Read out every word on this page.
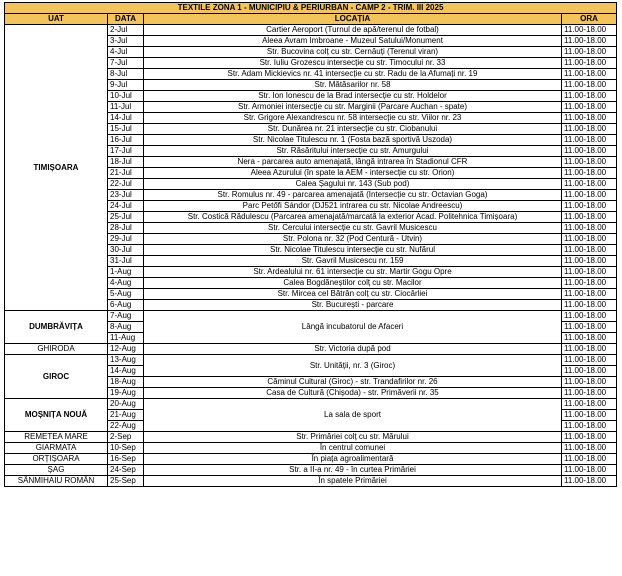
TEXTILE ZONA 1 - MUNICIPIU & PERIURBAN - CAMP 2 - TRIM. III 2025			
UAT	DATA	LOCAȚIA	ORA
TIMIȘOARA	2-Jul	Cartier Aeroport (Turnul de apă/terenul de fotbal)	11.00-18.00
	3-Jul	Aleea Avram Imbroane - Muzeul Satului/Monument	11.00-18.00
	4-Jul	Str. Bucovina colț cu str. Cernăuți (Terenul viran)	11.00-18.00
	7-Jul	Str. Iuliu Grozescu intersecție cu str. Timocului nr. 33	11.00-18.00
	8-Jul	Str. Adam Mickievics nr. 41 intersecție cu str. Radu de la Afumați nr. 19	11.00-18.00
	9-Jul	Str. Mătăsarilor nr. 58	11.00-18.00
	10-Jul	Str. Ion Ionescu de la Brad intersecție cu str. Holdelor	11.00-18.00
	11-Jul	Str. Armoniei intersecție cu str. Marginii (Parcare Auchan - spate)	11.00-18.00
	14-Jul	Str. Grigore Alexandrescu nr. 58 intersecție cu str. Viilor nr. 23	11.00-18.00
	15-Jul	Str. Dunărea nr. 21 intersecție cu str. Ciobanului	11.00-18.00
	16-Jul	Str. Nicolae Titulescu nr. 1 (Fosta bază sportivă Uszoda)	11.00-18.00
	17-Jul	Str. Răsăritului intersecție cu str. Amurgului	11.00-18.00
	18-Jul	Nera - parcarea auto amenajată, lângă intrarea în Stadionul CFR	11.00-18.00
	21-Jul	Aleea Azurului (în spate la AEM - intersecție cu str. Orion)	11.00-18.00
	22-Jul	Calea Șagului nr. 143 (Sub pod)	11.00-18.00
	23-Jul	Str. Romulus nr. 49 - parcarea amenajată (Intersecție cu str. Octavian Goga)	11.00-18.00
	24-Jul	Parc Petőfi Sándor (DJ521 intrarea cu str. Nicolae Andreescu)	11.00-18.00
	25-Jul	Str. Costică Rădulescu (Parcarea amenajată/marcată la exterior Acad. Politehnica Timișoara)	11.00-18.00
	28-Jul	Str. Cercului intersecție cu str. Gavril Musicescu	11.00-18.00
	29-Jul	Str. Polona nr. 32 (Pod Centură - Utvin)	11.00-18.00
	30-Jul	Str. Nicolae Titulescu intersecție cu str. Nufărul	11.00-18.00
	31-Jul	Str. Gavril Musicescu nr. 159	11.00-18.00
	1-Aug	Str. Ardealului nr. 61 intersecție cu str. Martir Gogu Opre	11.00-18.00
	4-Aug	Calea Bogdăneștilor colț cu str. Macilor	11.00-18.00
	5-Aug	Str. Mircea cel Bătrân colț cu str. Ciocârliei	11.00-18.00
	6-Aug	Str. București - parcare	11.00-18.00
DUMBRĂVIȚA	7-Aug	Lângă incubatorul de Afaceri	11.00-18.00
	8-Aug		11.00-18.00
	11-Aug		11.00-18.00
GHIRODA	12-Aug	Str. Victoria după pod	11.00-18.00
GIROC	13-Aug	Str. Unității, nr. 3 (Giroc)	11.00-18.00
	14-Aug		11.00-18.00
	18-Aug	Căminul Cultural (Giroc) - str. Trandafirilor nr. 26	11.00-18.00
	19-Aug	Casa de Cultură (Chișoda) - str. Primăverii nr. 35	11.00-18.00
MOȘNIȚA NOUĂ	20-Aug	La sala de sport	11.00-18.00
	21-Aug		11.00-18.00
	22-Aug		11.00-18.00
REMETEA MARE	2-Sep	Str. Primăriei colț cu str. Mărului	11.00-18.00
GIARMATA	10-Sep	În centrul comunei	11.00-18.00
ORȚIȘOARA	16-Sep	În piața agroalimentară	11.00-18.00
ȘAG	24-Sep	Str. a II-a nr. 49 - în curtea Primăriei	11.00-18.00
SÂNMIHAIU ROMÂN	25-Sep	În spatele Primăriei	11.00-18.00
